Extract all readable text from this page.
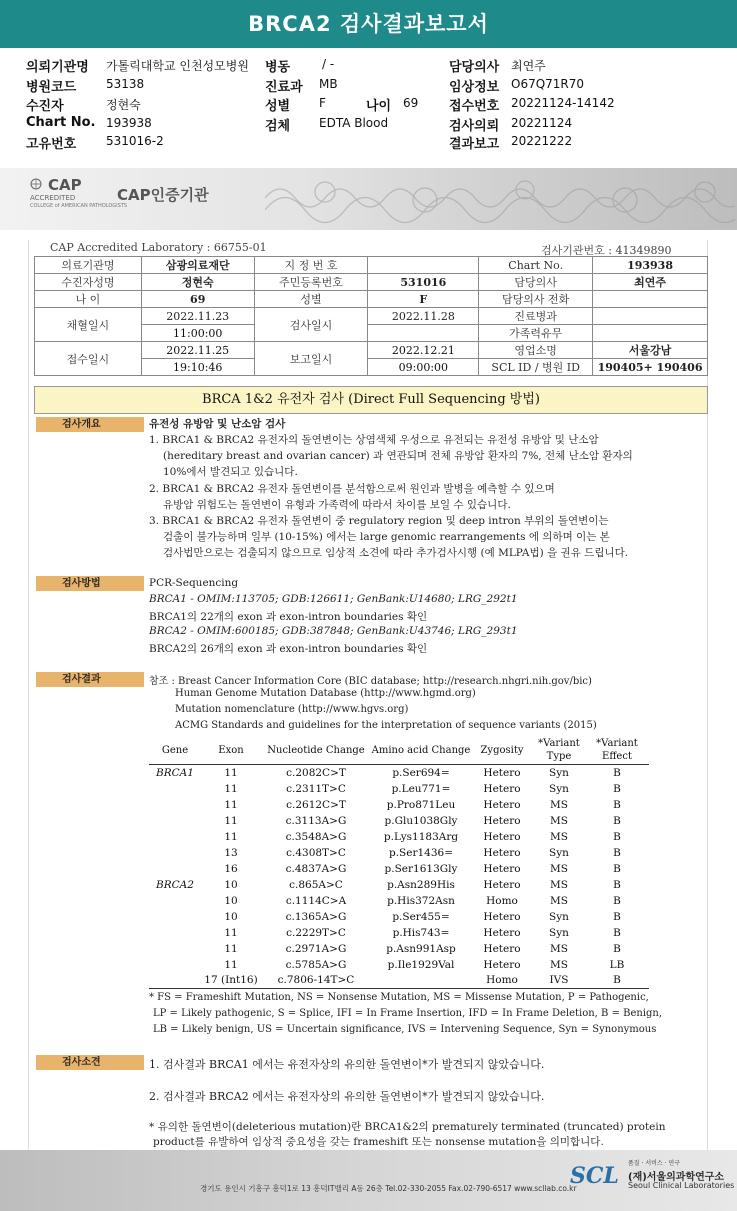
BRCA2 검사결과보고서
의뢰기관명 가톨릭대학교 인천성모병원
병원코드 53138
수진자	정현숙
Chart No. 193938
고유번호 531016-2
병동	/ -
진료과 MB
성별 F	나이 69
검체 EDTA Blood
담당의사 최연주
임상정보 O67Q71R70
접수번호 20221124-14142
검사의뢰 20221124
결과보고 20221222
CAP
ACCREDITED
COLLEGE of AMERICAN PATHOLOGISTS
CAP인증기관
CAP Accredited Laboratory : 66755-01	검사기관번호 : 41349890
의료기관명	삼광의료재단	지 정 번 호		Chart No.	193938
수진자성명	정현숙	주민등록번호	531016	담당의사	최연주
나 이	69	성별	F	담당의사 전화	
채혈일시	2022.11.23	검사일시	2022.11.28	진료병과	
	11:00:00			가족력유무	
접수일시	2022.11.25	보고일시	2022.12.21	영업소명	서울강남
	19:10:46		09:00:00	SCL ID / 병원 ID	190405+ 190406
BRCA 1&2 유전자 검사 (Direct Full Sequencing 방법)
검사개요	유전성 유방암 및 난소암 검사
1. BRCA1 & BRCA2 유전자의 돌연변이는 상염색체 우성으로 유전되는 유전성 유방암 및 난소암
(hereditary breast and ovarian cancer) 과 연관되며 전체 유방암 환자의 7%, 전체 난소암 환자의
10%에서 발견되고 있습니다.
2. BRCA1 & BRCA2 유전자 돌연변이를 분석함으로써 원인과 발병을 예측할 수 있으며
유방암 위험도는 돌연변이 유형과 가족력에 따라서 차이를 보일 수 있습니다.
3. BRCA1 & BRCA2 유전자 돌연변이 중 regulatory region 및 deep intron 부위의 돌연변이는
검출이 불가능하며 일부 (10-15%) 에서는 large genomic rearrangements 에 의하며 이는 본
검사법만으로는 검출되지 않으므로 임상적 소견에 따라 추가검사시행 (예 MLPA법) 을 권유 드립니다.
검사방법	PCR-Sequencing
BRCA1 - OMIM:113705; GDB:126611; GenBank:U14680; LRG_292t1
BRCA1의 22개의 exon 과 exon-intron boundaries 확인
BRCA2 - OMIM:600185; GDB:387848; GenBank:U43746; LRG_293t1
BRCA2의 26개의 exon 과 exon-intron boundaries 확인
검사결과	참조 : Breast Cancer Information Core (BIC database; http://research.nhgri.nih.gov/bic)
Human Genome Mutation Database (http://www.hgmd.org)
Mutation nomenclature (http://www.hgvs.org)
ACMG Standards and guidelines for the interpretation of sequence variants (2015)
Gene	Exon	Nucleotide Change	Amino acid Change	Zygosity	*Variant Type	*Variant Effect
BRCA1	11	c.2082C>T	p.Ser694=	Hetero	Syn	B
	11	c.2311T>C	p.Leu771=	Hetero	Syn	B
	11	c.2612C>T	p.Pro871Leu	Hetero	MS	B
	11	c.3113A>G	p.Glu1038Gly	Hetero	MS	B
	11	c.3548A>G	p.Lys1183Arg	Hetero	MS	B
	13	c.4308T>C	p.Ser1436=	Hetero	Syn	B
	16	c.4837A>G	p.Ser1613Gly	Hetero	MS	B
BRCA2	10	c.865A>C	p.Asn289His	Hetero	MS	B
	10	c.1114C>A	p.His372Asn	Homo	MS	B
	10	c.1365A>G	p.Ser455=	Hetero	Syn	B
	11	c.2229T>C	p.His743=	Hetero	Syn	B
	11	c.2971A>G	p.Asn991Asp	Hetero	MS	B
	11	c.5785A>G	p.Ile1929Val	Hetero	MS	LB
	17 (Int16)	c.7806-14T>C		Homo	IVS	B
* FS = Frameshift Mutation, NS = Nonsense Mutation, MS = Missense Mutation, P = Pathogenic,
LP = Likely pathogenic, S = Splice, IFI = In Frame Insertion, IFD = In Frame Deletion, B = Benign,
LB = Likely benign, US = Uncertain significance, IVS = Intervening Sequence, Syn = Synonymous
검사소견	1. 검사결과 BRCA1 에서는 유전자상의 유의한 돌연변이*가 발견되지 않았습니다.
2. 검사결과 BRCA2 에서는 유전자상의 유의한 돌연변이*가 발견되지 않았습니다.
* 유의한 돌연변이(deleterious mutation)란 BRCA1&2의 prematurely terminated (truncated) protein
product를 유발하여 임상적 중요성을 갖는 frameshift 또는 nonsense mutation을 의미합니다.
경기도 용인시 기흥구 흥덕1로 13 흥덕IT밸리 A동 26층 Tel.02-330-2055 Fax.02-790-6517 www.scllab.co.kr
SCL 품질 · 서비스 · 연구
(재)서울의과학연구소
Seoul Clinical Laboratories
